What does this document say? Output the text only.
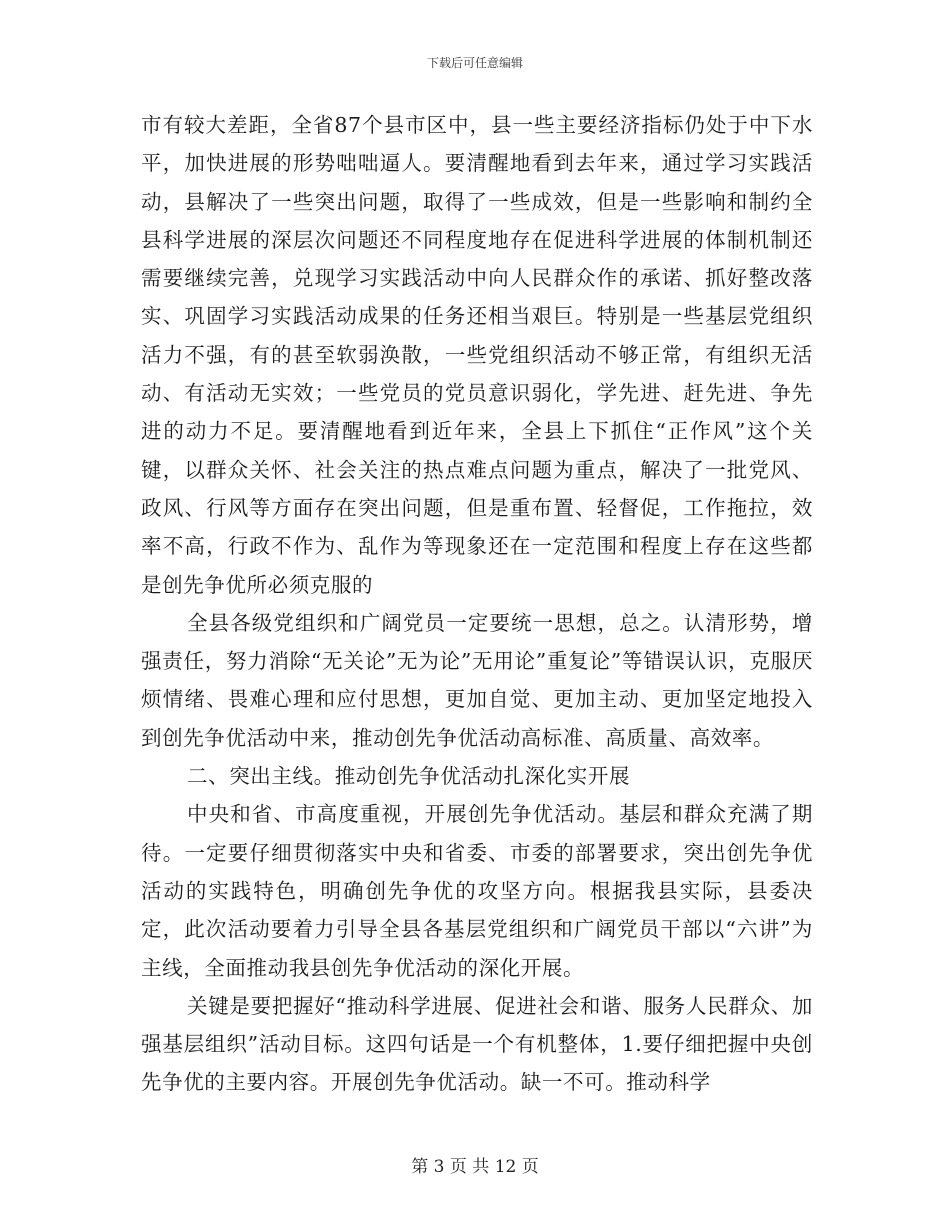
下载后可任意编辑

市有较大差距，全省87个县市区中，县一些主要经济指标仍处于中下水平，加快进展的形势咄咄逼人。要清醒地看到去年来，通过学习实践活动，县解决了一些突出问题，取得了一些成效，但是一些影响和制约全县科学进展的深层次问题还不同程度地存在促进科学进展的体制机制还需要继续完善，兑现学习实践活动中向人民群众作的承诺、抓好整改落实、巩固学习实践活动成果的任务还相当艰巨。特别是一些基层党组织活力不强，有的甚至软弱涣散，一些党组织活动不够正常，有组织无活动、有活动无实效；一些党员的党员意识弱化，学先进、赶先进、争先进的动力不足。要清醒地看到近年来，全县上下抓住“正作风”这个关键，以群众关怀、社会关注的热点难点问题为重点，解决了一批党风、政风、行风等方面存在突出问题，但是重布置、轻督促，工作拖拉，效率不高，行政不作为、乱作为等现象还在一定范围和程度上存在这些都是创先争优所必须克服的

全县各级党组织和广阔党员一定要统一思想，总之。认清形势，增强责任，努力消除“无关论”无为论”无用论”重复论”等错误认识，克服厌烦情绪、畏难心理和应付思想，更加自觉、更加主动、更加坚定地投入到创先争优活动中来，推动创先争优活动高标准、高质量、高效率。

二、突出主线。推动创先争优活动扎深化实开展

中央和省、市高度重视，开展创先争优活动。基层和群众充满了期待。一定要仔细贯彻落实中央和省委、市委的部署要求，突出创先争优活动的实践特色，明确创先争优的攻坚方向。根据我县实际，县委决定，此次活动要着力引导全县各基层党组织和广阔党员干部以“六讲”为主线，全面推动我县创先争优活动的深化开展。

关键是要把握好“推动科学进展、促进社会和谐、服务人民群众、加强基层组织”活动目标。这四句话是一个有机整体，1.要仔细把握中央创先争优的主要内容。开展创先争优活动。缺一不可。推动科学

第 3 页 共 12 页
